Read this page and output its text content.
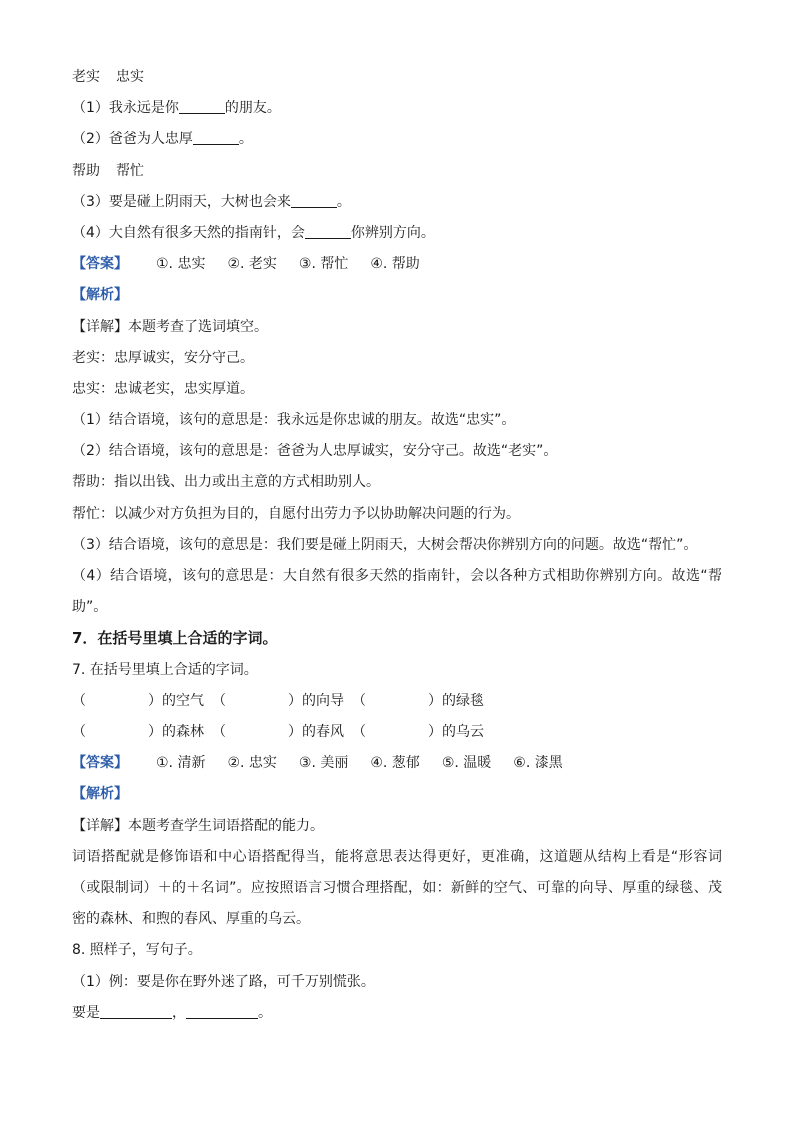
老实 忠实
（1）我永远是你	的朋友。
（2）爸爸为人忠厚	。
帮助 帮忙
（3）要是碰上阴雨天，大树也会来	。
（4）大自然有很多天然的指南针，会	你辨别方向。
【答案】 ①. 忠实 ②. 老实 ③. 帮忙 ④. 帮助
【解析】
【详解】本题考查了选词填空。
老实：忠厚诚实，安分守己。
忠实：忠诚老实，忠实厚道。
（1）结合语境，该句的意思是：我永远是你忠诚的朋友。故选“忠实”。
（2）结合语境，该句的意思是：爸爸为人忠厚诚实，安分守己。故选“老实”。
帮助：指以出钱、出力或出主意的方式相助别人。
帮忙：以减少对方负担为目的，自愿付出劳力予以协助解决问题的行为。
（3）结合语境，该句的意思是：我们要是碰上阴雨天，大树会帮决你辨别方向的问题。故选“帮忙”。
（4）结合语境，该句的意思是：大自然有很多天然的指南针，会以各种方式相助你辨别方向。故选“帮助”。
7．在括号里填上合适的字词。
7. 在括号里填上合适的字词。
（	）的空气 （	）的向导 （	）的绿毯
（	）的森林 （	）的春风 （	）的乌云
【答案】 ①. 清新 ②. 忠实 ③. 美丽 ④. 葱郁 ⑤. 温暖 ⑥. 漆黑
【解析】
【详解】本题考查学生词语搭配的能力。
词语搭配就是修饰语和中心语搭配得当，能将意思表达得更好，更准确，这道题从结构上看是“形容词（或限制词）＋的＋名词”。应按照语言习惯合理搭配，如：新鲜的空气、可靠的向导、厚重的绿毯、茂密的森林、和煦的春风、厚重的乌云。
8. 照样子，写句子。
（1）例：要是你在野外迷了路，可千万别慌张。
要是	，	。
